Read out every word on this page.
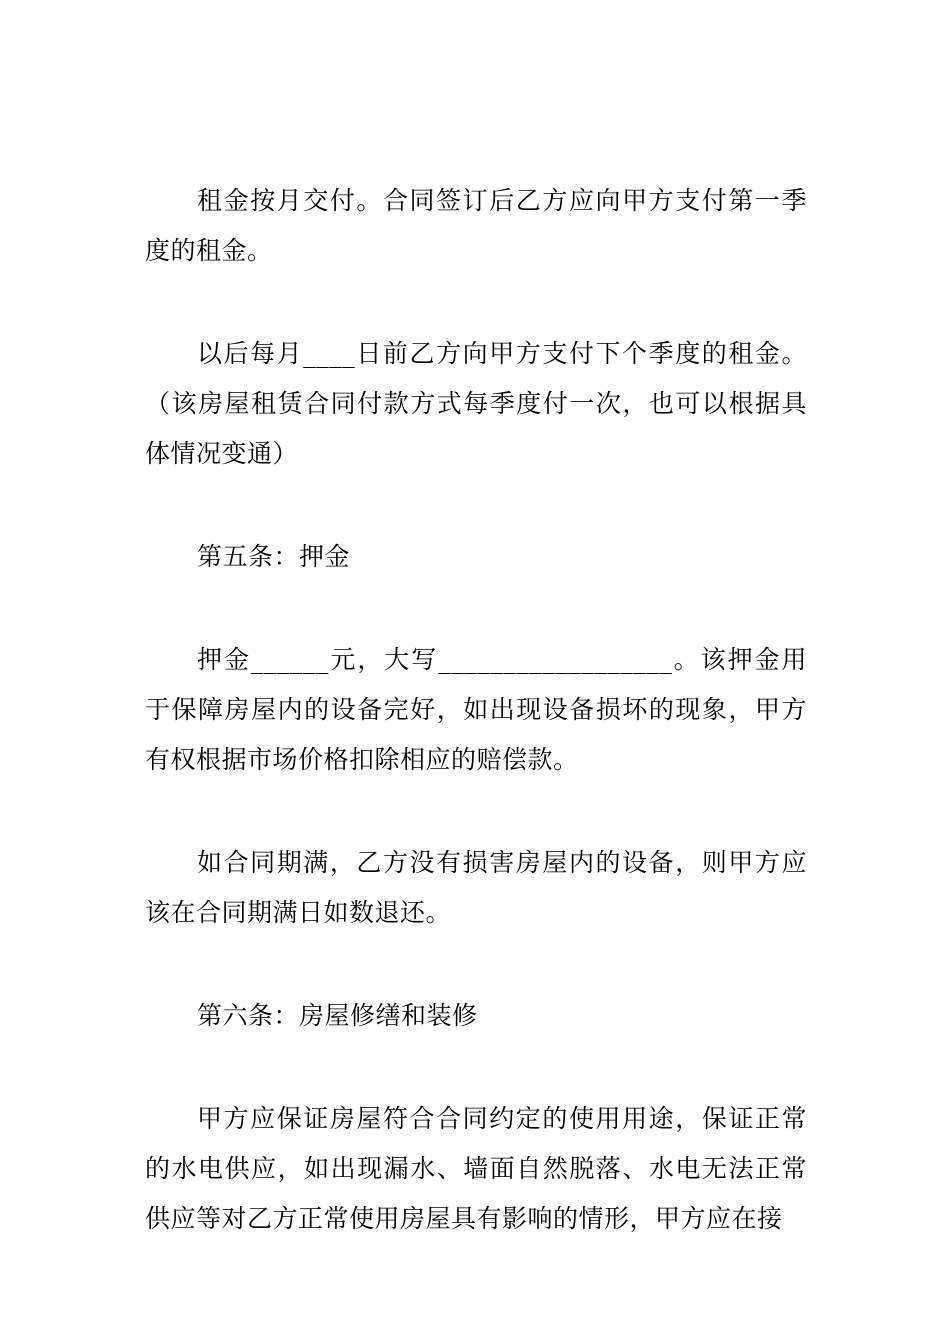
租金按月交付。合同签订后乙方应向甲方支付第一季度的租金。

以后每月____日前乙方向甲方支付下个季度的租金。（该房屋租赁合同付款方式每季度付一次，也可以根据具体情况变通）

第五条：押金

押金______元，大写__________________。该押金用于保障房屋内的设备完好，如出现设备损坏的现象，甲方有权根据市场价格扣除相应的赔偿款。

如合同期满，乙方没有损害房屋内的设备，则甲方应该在合同期满日如数退还。

第六条：房屋修缮和装修

甲方应保证房屋符合合同约定的使用用途，保证正常的水电供应，如出现漏水、墙面自然脱落、水电无法正常供应等对乙方正常使用房屋具有影响的情形，甲方应在接
